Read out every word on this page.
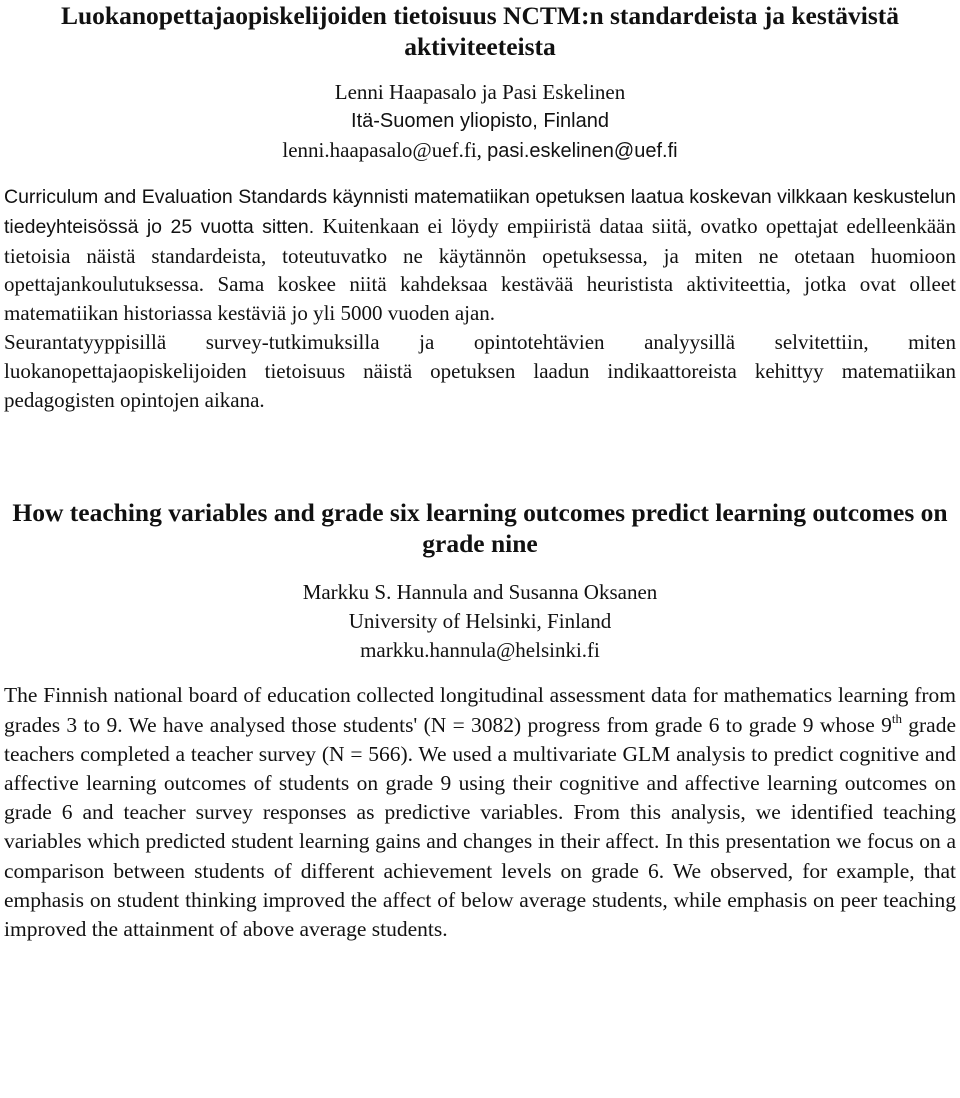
Luokanopettajaopiskelijoiden tietoisuus NCTM:n standardeista ja kestävistä aktiviteeteista
Lenni Haapasalo ja Pasi Eskelinen
Itä-Suomen yliopisto, Finland
lenni.haapasalo@uef.fi, pasi.eskelinen@uef.fi

Curriculum and Evaluation Standards käynnisti matematiikan opetuksen laatua koskevan vilkkaan keskustelun tiedeyhteisössä jo 25 vuotta sitten. Kuitenkaan ei löydy empiiristä dataa siitä, ovatko opettajat edelleenkään tietoisia näistä standardeista, toteutuvatko ne käytännön opetuksessa, ja miten ne otetaan huomioon opettajankoulutuksessa. Sama koskee niitä kahdeksaa kestävää heuristista aktiviteettia, jotka ovat olleet matematiikan historiassa kestäviä jo yli 5000 vuoden ajan.

Seurantatyyppisillä survey-tutkimuksilla ja opintotehtävien analyysillä selvitettiin, miten luokanopettajaopiskelijoiden tietoisuus näistä opetuksen laadun indikaattoreista kehittyy matematiikan pedagogisten opintojen aikana.

How teaching variables and grade six learning outcomes predict learning outcomes on grade nine
Markku S. Hannula and Susanna Oksanen
University of Helsinki, Finland
markku.hannula@helsinki.fi

The Finnish national board of education collected longitudinal assessment data for mathematics learning from grades 3 to 9. We have analysed those students' (N = 3082) progress from grade 6 to grade 9 whose 9th grade teachers completed a teacher survey (N = 566). We used a multivariate GLM analysis to predict cognitive and affective learning outcomes of students on grade 9 using their cognitive and affective learning outcomes on grade 6 and teacher survey responses as predictive variables. From this analysis, we identified teaching variables which predicted student learning gains and changes in their affect. In this presentation we focus on a comparison between students of different achievement levels on grade 6. We observed, for example, that emphasis on student thinking improved the affect of below average students, while emphasis on peer teaching improved the attainment of above average students.
